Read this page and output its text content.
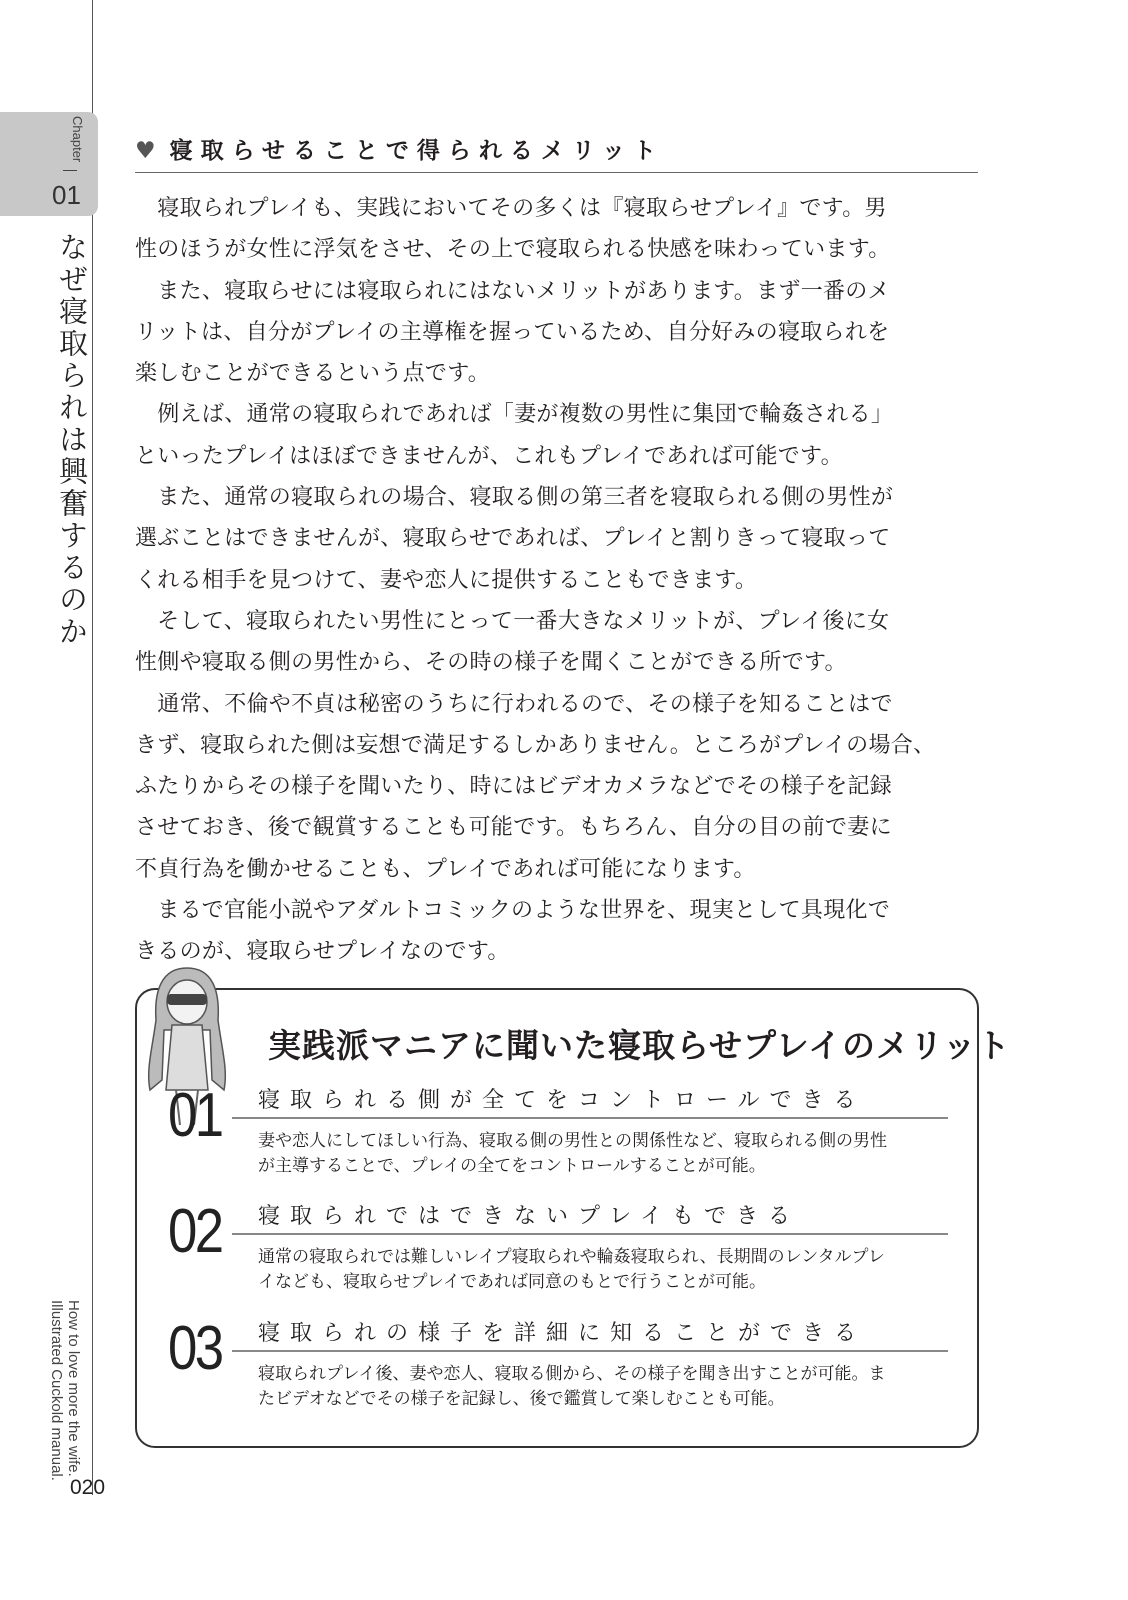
Chapter
01
なぜ寝取られは興奮するのか
How to love more the wife.
Illustrated Cuckold manual.
020
♥ 寝取らせることで得られるメリット
　寝取られプレイも、実践においてその多くは『寝取らせプレイ』です。男
性のほうが女性に浮気をさせ、その上で寝取られる快感を味わっています。
　また、寝取らせには寝取られにはないメリットがあります。まず一番のメ
リットは、自分がプレイの主導権を握っているため、自分好みの寝取られを
楽しむことができるという点です。
　例えば、通常の寝取られであれば「妻が複数の男性に集団で輪姦される」
といったプレイはほぼできませんが、これもプレイであれば可能です。
　また、通常の寝取られの場合、寝取る側の第三者を寝取られる側の男性が
選ぶことはできませんが、寝取らせであれば、プレイと割りきって寝取って
くれる相手を見つけて、妻や恋人に提供することもできます。
　そして、寝取られたい男性にとって一番大きなメリットが、プレイ後に女
性側や寝取る側の男性から、その時の様子を聞くことができる所です。
　通常、不倫や不貞は秘密のうちに行われるので、その様子を知ることはで
きず、寝取られた側は妄想で満足するしかありません。ところがプレイの場合、
ふたりからその様子を聞いたり、時にはビデオカメラなどでその様子を記録
させておき、後で観賞することも可能です。もちろん、自分の目の前で妻に
不貞行為を働かせることも、プレイであれば可能になります。
　まるで官能小説やアダルトコミックのような世界を、現実として具現化で
きるのが、寝取らせプレイなのです。
実践派マニアに聞いた寝取らせプレイのメリット
01 寝取られる側が全てをコントロールできる
妻や恋人にしてほしい行為、寝取る側の男性との関係性など、寝取られる側の男性
が主導することで、プレイの全てをコントロールすることが可能。
02 寝取られではできないプレイもできる
通常の寝取られでは難しいレイプ寝取られや輪姦寝取られ、長期間のレンタルプレ
イなども、寝取らせプレイであれば同意のもとで行うことが可能。
03 寝取られの様子を詳細に知ることができる
寝取られプレイ後、妻や恋人、寝取る側から、その様子を聞き出すことが可能。ま
たビデオなどでその様子を記録し、後で鑑賞して楽しむことも可能。
